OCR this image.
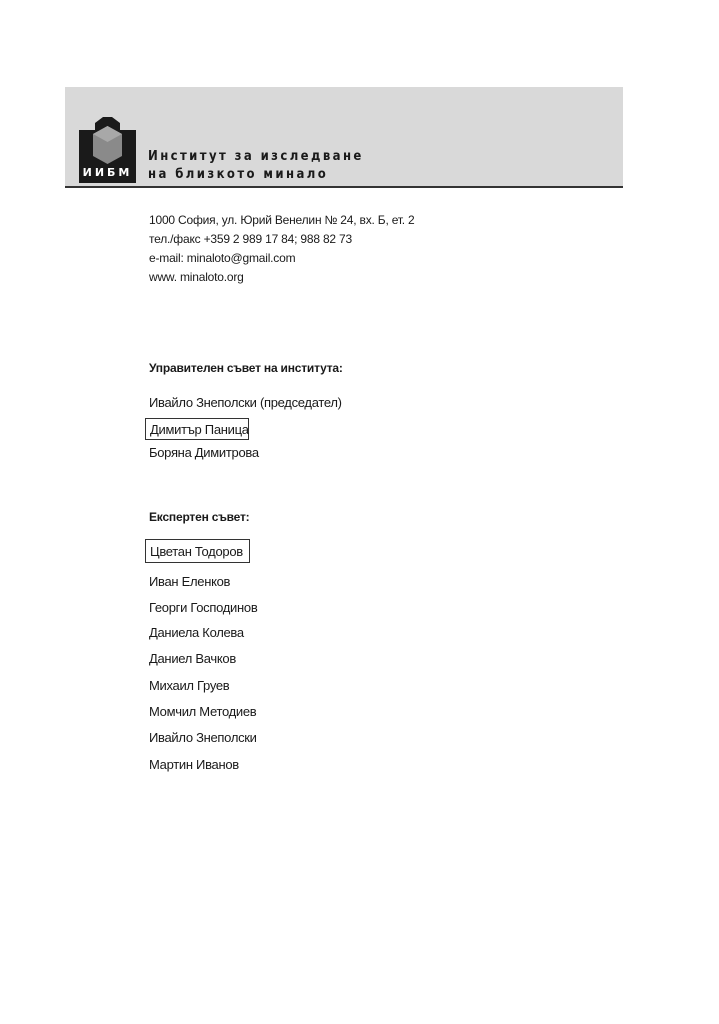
ИИБМ
Институт за изследване
на близкото минало
1000 София, ул. Юрий Венелин № 24, вх. Б, ет. 2
тел./факс +359 2 989 17 84; 988 82 73
e-mail: minaloto@gmail.com
www. minaloto.org
Управителен съвет на института:
Ивайло Знеполски (председател)
Димитър Паница
Боряна Димитрова
Експертен съвет:
Цветан Тодоров
Иван Еленков
Георги Господинов
Даниела Колева
Даниел Вачков
Михаил Груев
Момчил Методиев
Ивайло Знеполски
Мартин Иванов
